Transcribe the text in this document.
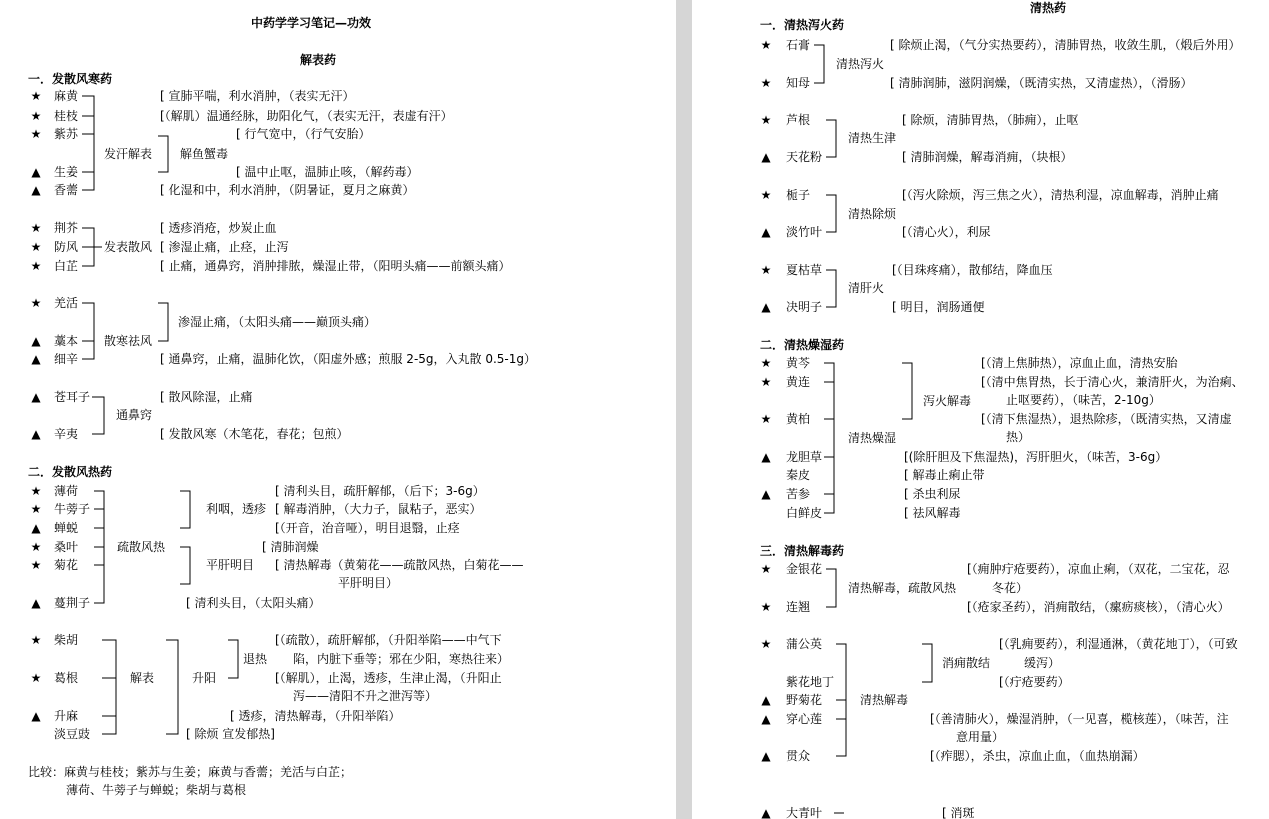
中药学学习笔记—功效
解表药
一．发散风寒药
★ 麻黄
★ 桂枝
★ 紫苏
▲ 生姜
▲ 香薷
发汗解表 解鱼蟹毒
[ 宣肺平喘，利水消肿，（表实无汗）
[（解肌）温通经脉，助阳化气，（表实无汗，表虚有汗）
[ 行气宽中，（行气安胎）
[ 温中止呕，温肺止咳，（解药毒）
[ 化湿和中，利水消肿，（阴暑证，夏月之麻黄）
★ 荆芥
★ 防风
★ 白芷
发表散风
[ 透疹消疮，炒炭止血
[ 渗湿止痛，止痉，止泻
[ 止痛，通鼻窍，消肿排脓，燥湿止带，（阳明头痛——前额头痛）
★ 羌活
▲ 藁本
▲ 细辛
散寒祛风
渗湿止痛，（太阳头痛——巅顶头痛）
[ 通鼻窍，止痛，温肺化饮，（阳虚外感；煎服 2-5g，入丸散 0.5-1g）
▲ 苍耳子
▲ 辛夷
通鼻窍
[ 散风除湿，止痛
[ 发散风寒（木笔花，春花；包煎）
二．发散风热药
★ 薄荷
★ 牛蒡子
▲ 蝉蜕
★ 桑叶
★ 菊花
▲ 蔓荆子
疏散风热
利咽，透疹
平肝明目
[ 清利头目，疏肝解郁，（后下；3-6g）
[ 解毒消肿，（大力子，鼠粘子，恶实）
[（开音，治音哑），明目退翳，止痉
[ 清肺润燥
[ 清热解毒（黄菊花——疏散风热，白菊花——
平肝明目）
[ 清利头目，（太阳头痛）
★ 柴胡
★ 葛根
▲ 升麻
淡豆豉
解表	升阳
退热
[（疏散），疏肝解郁，（升阳举陷——中气下
陷，内脏下垂等；邪在少阳，寒热往来）
[（解肌），止渴，透疹，生津止渴，（升阳止
泻——清阳不升之泄泻等）
[ 透疹，清热解毒，（升阳举陷）
[ 除烦 宣发郁热]
比较：麻黄与桂枝；紫苏与生姜；麻黄与香薷；羌活与白芷；
薄荷、牛蒡子与蝉蜕；柴胡与葛根
清热药
一．清热泻火药
★ 石膏
★ 知母
清热泻火
[ 除烦止渴，（气分实热要药），清肺胃热，收敛生肌，（煅后外用）
[ 清肺润肺，滋阴润燥，（既清实热，又清虚热），（滑肠）
★ 芦根
▲ 天花粉
清热生津
[ 除烦，清肺胃热，（肺痈），止呕
[ 清肺润燥，解毒消痈，（块根）
★ 栀子
▲ 淡竹叶
清热除烦
[（泻火除烦，泻三焦之火），清热利湿，凉血解毒，消肿止痛
[（清心火），利尿
★ 夏枯草
▲ 决明子
清肝火
[（目珠疼痛），散郁结，降血压
[ 明目，润肠通便
二．清热燥湿药
★ 黄芩
★ 黄连
★ 黄柏
▲ 龙胆草
秦皮
▲ 苦参
白鲜皮
清热燥湿
泻火解毒
[（清上焦肺热），凉血止血，清热安胎
[（清中焦胃热，长于清心火，兼清肝火，为治痢、
止呕要药），（味苦，2-10g）
[（清下焦湿热），退热除疹，（既清实热，又清虚
热）
[(除肝胆及下焦湿热)，泻肝胆火，（味苦，3-6g）
[ 解毒止痢止带
[ 杀虫利尿
[ 祛风解毒
三．清热解毒药
★ 金银花
★ 连翘
清热解毒，疏散风热
[（痈肿疔疮要药），凉血止痢，（双花，二宝花，忍
冬花）
[（疮家圣药），消痈散结，（瘰疬痰核），（清心火）
★ 蒲公英
紫花地丁
▲ 野菊花
▲ 穿心莲
▲ 贯众
▲ 大青叶
消痈散结
清热解毒
[（乳痈要药），利湿通淋，（黄花地丁），（可致
缓泻）
[（疔疮要药）
[（善清肺火），燥湿消肿，（一见喜，榄核莲），（味苦，注
意用量）
[（痄腮），杀虫，凉血止血，（血热崩漏）
[ 消斑
